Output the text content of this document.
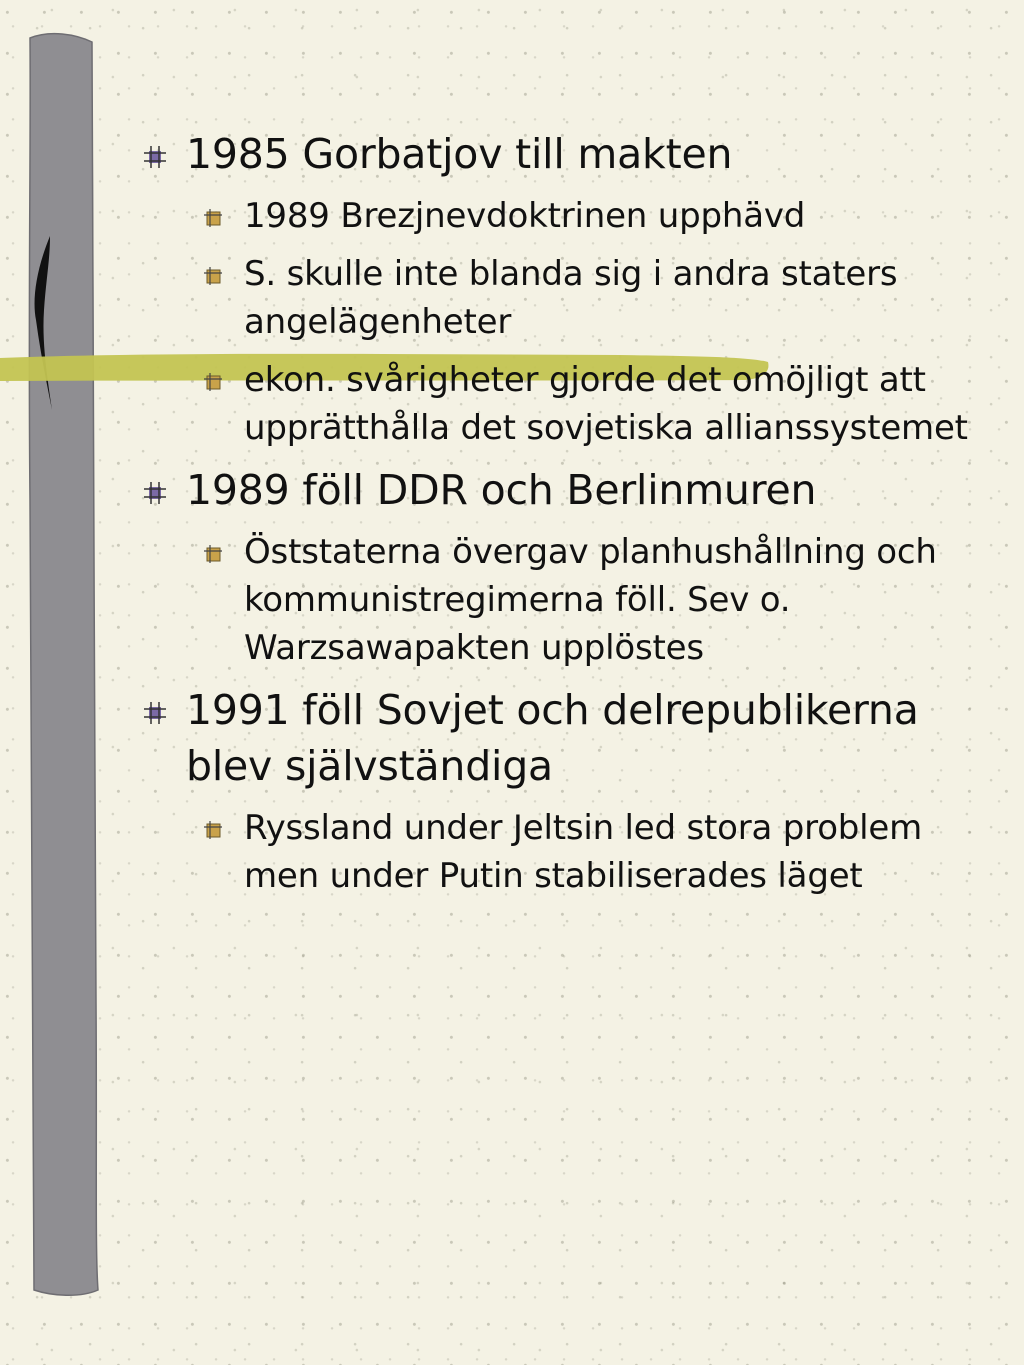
1985 Gorbatjov till makten
1989 Brezjnevdoktrinen upphävd
S. skulle inte blanda sig i andra staters angelägenheter
ekon. svårigheter gjorde det omöjligt att upprätthålla det sovjetiska allianssystemet
1989 föll DDR och Berlinmuren
Öststaterna övergav planhushållning och kommunistregimerna föll. Sev o. Warzsawapakten upplöstes
1991 föll Sovjet och delrepublikerna blev självständiga
Ryssland under Jeltsin led stora problem men under Putin stabiliserades läget
